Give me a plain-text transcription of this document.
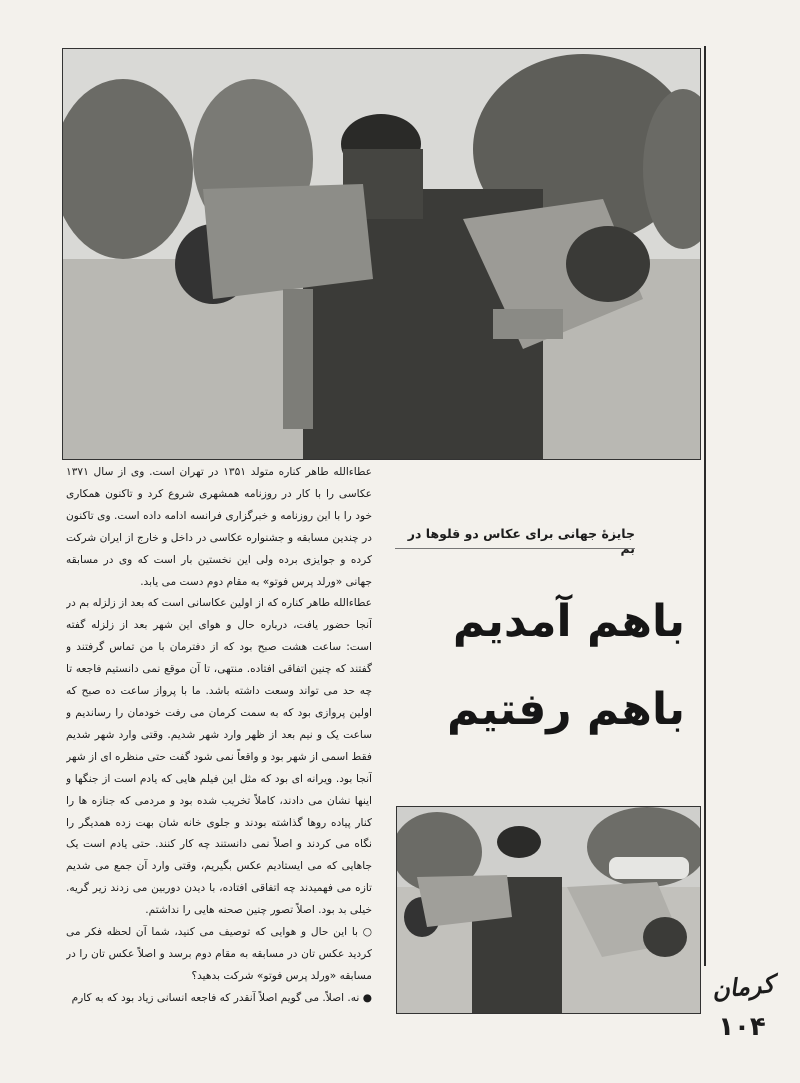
عطاءالله طاهر کناره متولد ۱۳۵۱ در تهران است. وی از سال ۱۳۷۱ عکاسی را با کار در روزنامه همشهری شروع کرد و تاکنون همکاری خود را با این روزنامه و خبرگزاری فرانسه ادامه داده است. وی تاکنون در چندین مسابقه و جشنواره عکاسی در داخل و خارج از ایران شرکت کرده و جوایزی برده ولی این نخستین بار است که وی در مسابقه جهانی «ورلد پرس فوتو» به مقام دوم دست می یابد.

عطاءالله طاهر کناره که از اولین عکاسانی است که بعد از زلزله بم در آنجا حضور یافت، درباره حال و هوای این شهر بعد از زلزله گفته است: ساعت هشت صبح بود که از دفترمان با من تماس گرفتند و گفتند که چنین اتفاقی افتاده. منتهی، تا آن موقع نمی دانستیم فاجعه تا چه حد می تواند وسعت داشته باشد. ما با پرواز ساعت ده صبح که اولین پروازی بود که به سمت کرمان می رفت خودمان را رساندیم و ساعت یک و نیم بعد از ظهر وارد شهر شدیم. وقتی وارد شهر شدیم فقط اسمی از شهر بود و واقعاً نمی شود گفت حتی منظره ای از شهر آنجا بود. ویرانه ای بود که مثل این فیلم هایی که یادم است از جنگها و اینها نشان می دادند، کاملاً تخریب شده بود و مردمی که جنازه ها را کنار پیاده روها گذاشته بودند و جلوی خانه شان بهت زده همدیگر را نگاه می کردند و اصلاً نمی دانستند چه کار کنند. حتی یادم است یک جاهایی که می ایستادیم عکس بگیریم، وقتی وارد آن جمع می شدیم تازه می فهمیدند چه اتفاقی افتاده، با دیدن دوربین می زدند زیر گریه. خیلی بد بود. اصلاً تصور چنین صحنه هایی را نداشتم.

○ با این حال و هوایی که توصیف می کنید، شما آن لحظه فکر می کردید عکس تان در مسابقه به مقام دوم برسد و اصلاً عکس تان را در مسابقه «ورلد پرس فوتو» شرکت بدهید؟

● نه. اصلاً. می گویم اصلاً آنقدر که فاجعه انسانی زیاد بود که به کارم

جایزهٔ جهانی برای عکاس دو قلوها در بم
باهم آمدیم
باهم رفتیم
کرمان
۱۰۴
